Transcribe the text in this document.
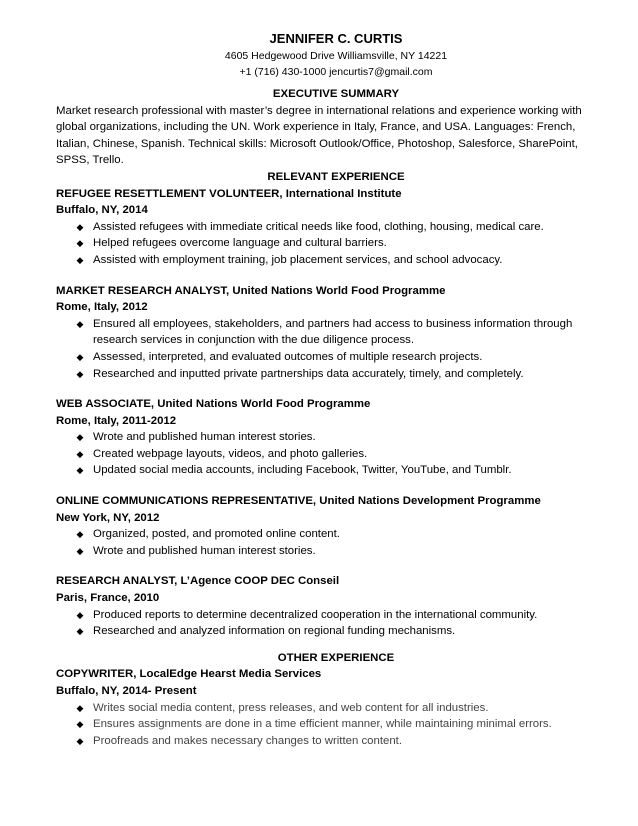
JENNIFER C. CURTIS
4605 Hedgewood Drive Williamsville, NY 14221
+1 (716) 430-1000 jencurtis7@gmail.com
EXECUTIVE SUMMARY
Market research professional with master’s degree in international relations and experience working with global organizations, including the UN. Work experience in Italy, France, and USA. Languages: French, Italian, Chinese, Spanish. Technical skills: Microsoft Outlook/Office, Photoshop, Salesforce, SharePoint, SPSS, Trello.
RELEVANT EXPERIENCE
REFUGEE RESETTLEMENT VOLUNTEER, International Institute
Buffalo, NY, 2014
◆ Assisted refugees with immediate critical needs like food, clothing, housing, medical care.
◆ Helped refugees overcome language and cultural barriers.
◆ Assisted with employment training, job placement services, and school advocacy.
MARKET RESEARCH ANALYST, United Nations World Food Programme
Rome, Italy, 2012
◆ Ensured all employees, stakeholders, and partners had access to business information through research services in conjunction with the due diligence process.
◆ Assessed, interpreted, and evaluated outcomes of multiple research projects.
◆ Researched and inputted private partnerships data accurately, timely, and completely.
WEB ASSOCIATE, United Nations World Food Programme
Rome, Italy, 2011-2012
◆ Wrote and published human interest stories.
◆ Created webpage layouts, videos, and photo galleries.
◆ Updated social media accounts, including Facebook, Twitter, YouTube, and Tumblr.
ONLINE COMMUNICATIONS REPRESENTATIVE, United Nations Development Programme
New York, NY, 2012
◆ Organized, posted, and promoted online content.
◆ Wrote and published human interest stories.
RESEARCH ANALYST, L’Agence COOP DEC Conseil
Paris, France, 2010
◆ Produced reports to determine decentralized cooperation in the international community.
◆ Researched and analyzed information on regional funding mechanisms.
OTHER EXPERIENCE
COPYWRITER, LocalEdge Hearst Media Services
Buffalo, NY, 2014- Present
◆ Writes social media content, press releases, and web content for all industries.
◆ Ensures assignments are done in a time efficient manner, while maintaining minimal errors.
◆ Proofreads and makes necessary changes to written content.
